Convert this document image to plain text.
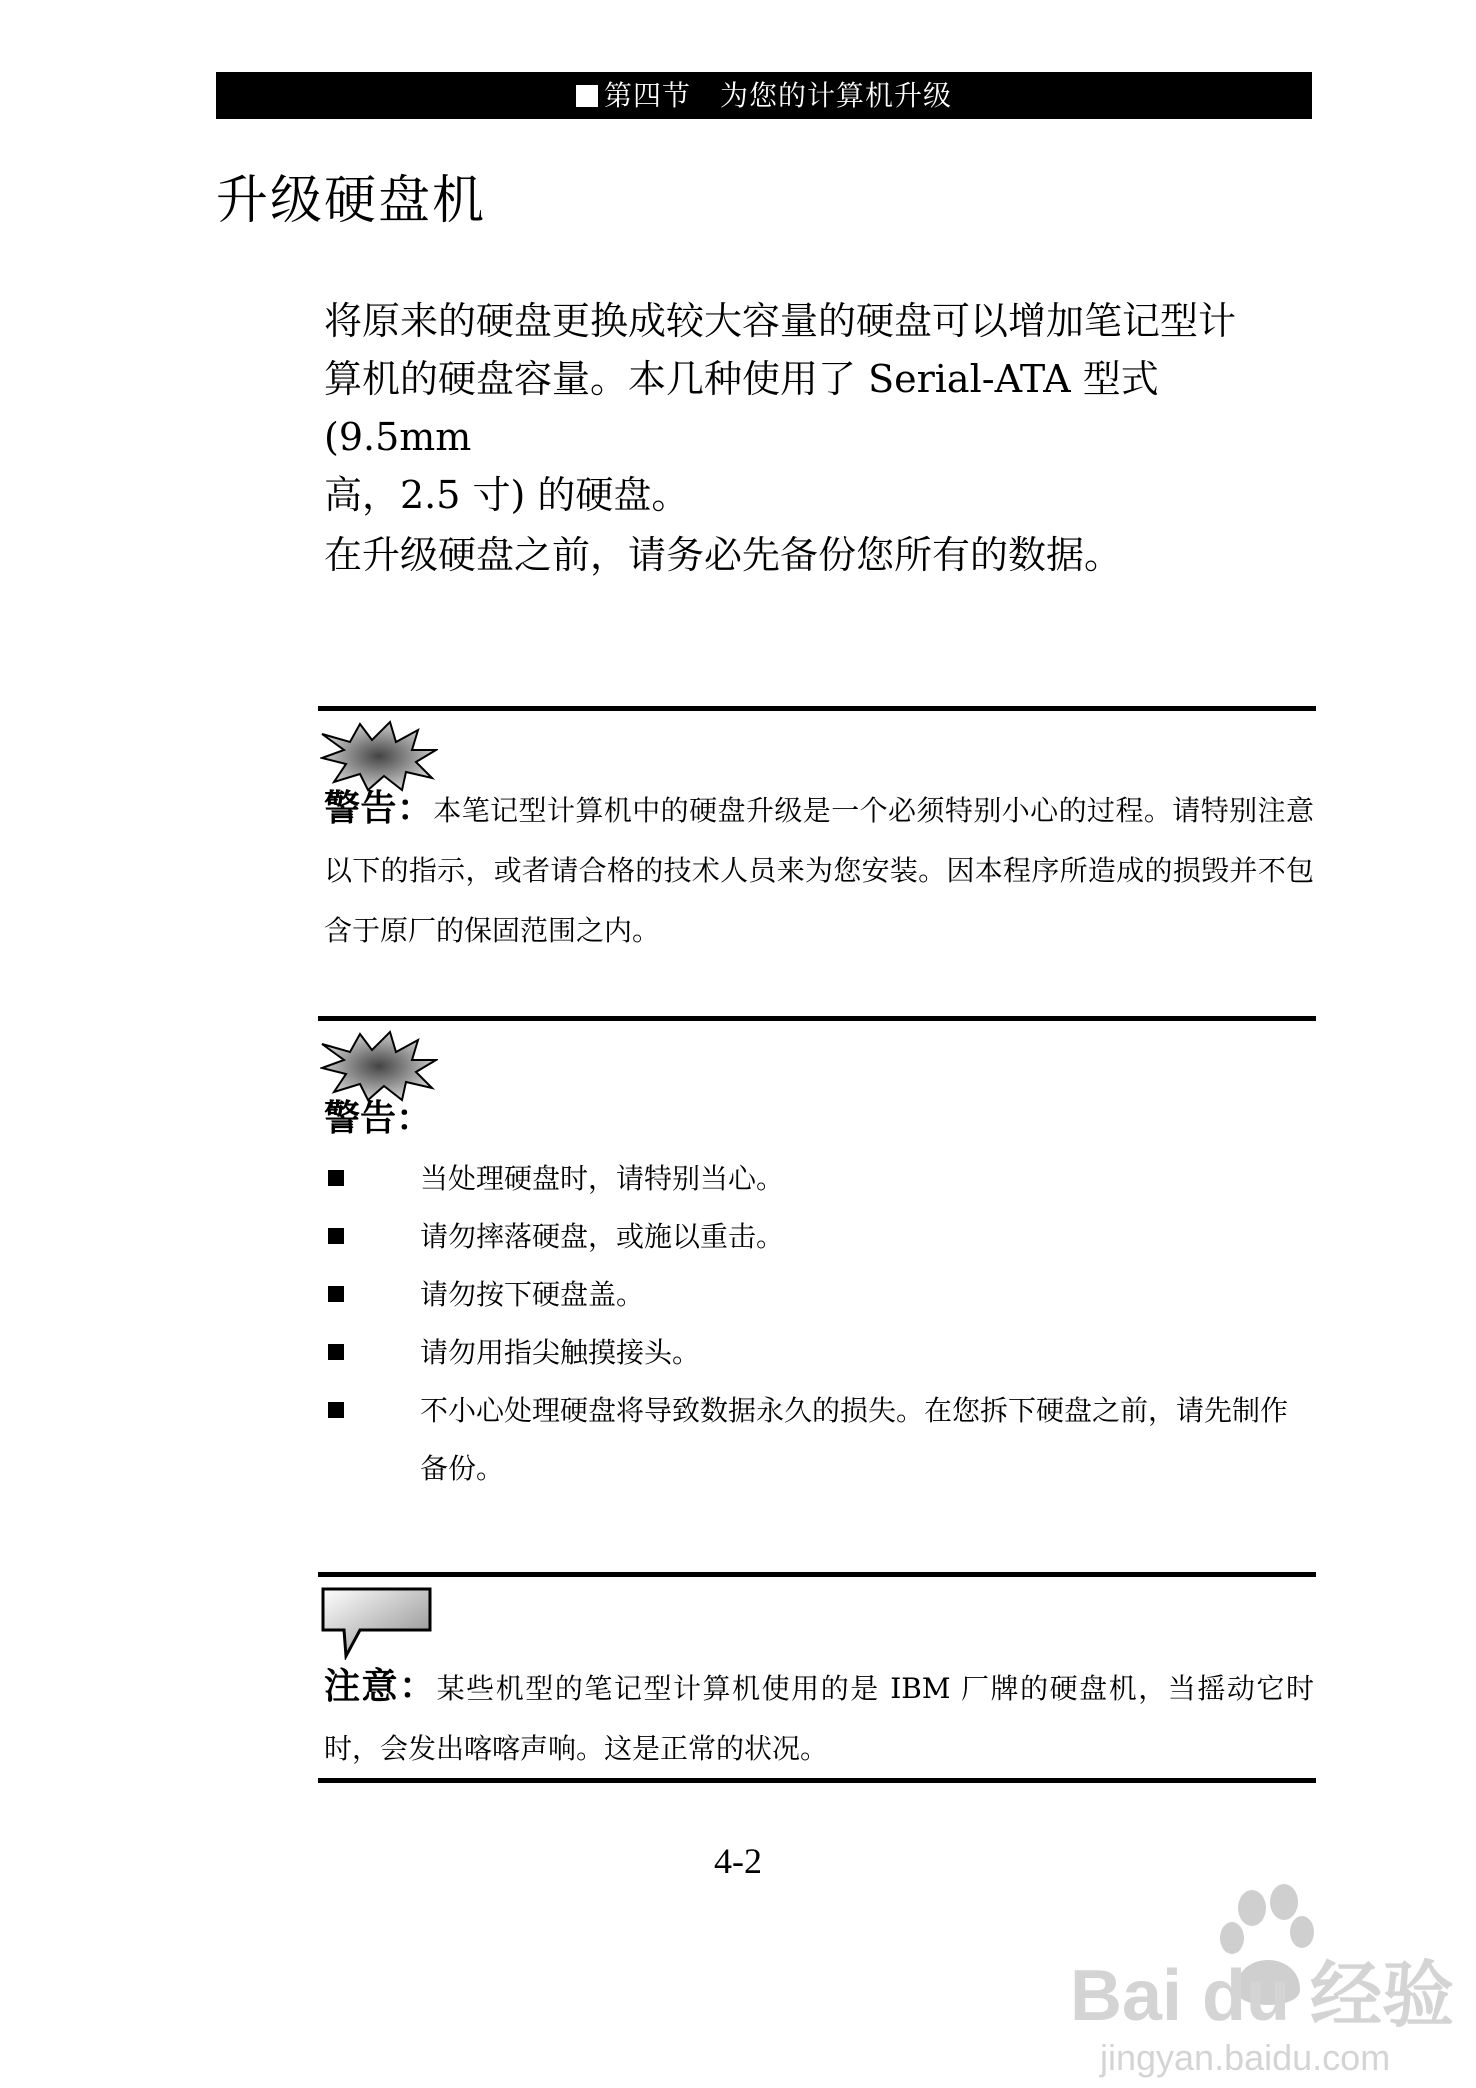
第四节　为您的计算机升级
升级硬盘机
将原来的硬盘更换成较大容量的硬盘可以增加笔记型计
算机的硬盘容量。本几种使用了 Serial-ATA 型式 (9.5mm
高，2.5 寸) 的硬盘。
在升级硬盘之前，请务必先备份您所有的数据。
警告：本笔记型计算机中的硬盘升级是一个必须特别小心的过程。请特别注意以下的指示，或者请合格的技术人员来为您安装。因本程序所造成的损毁并不包含于原厂的保固范围之内。
警告：
当处理硬盘时，请特别当心。
请勿摔落硬盘，或施以重击。
请勿按下硬盘盖。
请勿用指尖触摸接头。
不小心处理硬盘将导致数据永久的损失。在您拆下硬盘之前，请先制作备份。
注意：某些机型的笔记型计算机使用的是 IBM 厂牌的硬盘机，当摇动它时时，会发出喀喀声响。这是正常的状况。
4-2
Bai du 经验
jingyan.baidu.com
